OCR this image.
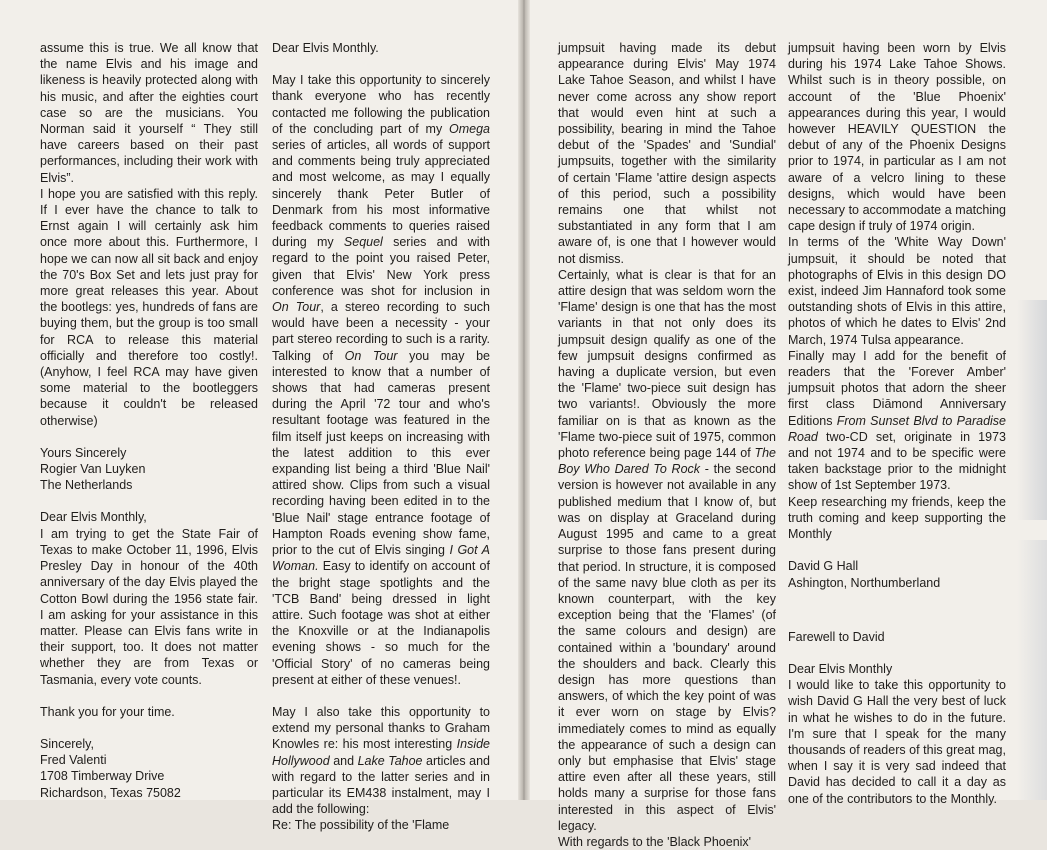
assume this is true. We all know that the name Elvis and his image and likeness is heavily protected along with his music, and after the eighties court case so are the musicians. You Norman said it yourself “ They still have careers based on their past performances, including their work with Elvis”.

I hope you are satisfied with this reply. If I ever have the chance to talk to Ernst again I will certainly ask him once more about this. Furthermore, I hope we can now all sit back and enjoy the 70's Box Set and lets just pray for more great releases this year. About the bootlegs: yes, hundreds of fans are buying them, but the group is too small for RCA to release this material officially and therefore too costly!. (Anyhow, I feel RCA may have given some material to the bootleggers because it couldn't be released otherwise)

Yours Sincerely
Rogier Van Luyken
The Netherlands

Dear Elvis Monthly,
I am trying to get the State Fair of Texas to make October 11, 1996, Elvis Presley Day in honour of the 40th anniversary of the day Elvis played the Cotton Bowl during the 1956 state fair. I am asking for your assistance in this matter. Please can Elvis fans write in their support, too. It does not matter whether they are from Texas or Tasmania, every vote counts.

Thank you for your time.

Sincerely,
Fred Valenti
1708 Timberway Drive
Richardson, Texas 75082

Dear Elvis Monthly.

May I take this opportunity to sincerely thank everyone who has recently contacted me following the publication of the concluding part of my Omega series of articles, all words of support and comments being truly appreciated and most welcome, as may I equally sincerely thank Peter Butler of Denmark from his most informative feedback comments to queries raised during my Sequel series and with regard to the point you raised Peter, given that Elvis' New York press conference was shot for inclusion in On Tour, a stereo recording to such would have been a necessity - your part stereo recording to such is a rarity. Talking of On Tour you may be interested to know that a number of shows that had cameras present during the April '72 tour and who's resultant footage was featured in the film itself just keeps on increasing with the latest addition to this ever expanding list being a third 'Blue Nail' attired show. Clips from such a visual recording having been edited in to the 'Blue Nail' stage entrance footage of Hampton Roads evening show fame, prior to the cut of Elvis singing I Got A Woman. Easy to identify on account of the bright stage spotlights and the 'TCB Band' being dressed in light attire. Such footage was shot at either the Knoxville or at the Indianapolis evening shows - so much for the 'Official Story' of no cameras being present at either of these venues!.

May I also take this opportunity to extend my personal thanks to Graham Knowles re: his most interesting Inside Hollywood and Lake Tahoe articles and with regard to the latter series and in particular its EM438 instalment, may I add the following:

Re: The possibility of the 'Flame

jumpsuit having made its debut appearance during Elvis' May 1974 Lake Tahoe Season, and whilst I have never come across any show report that would even hint at such a possibility, bearing in mind the Tahoe debut of the 'Spades' and 'Sundial' jumpsuits, together with the similarity of certain 'Flame 'attire design aspects of this period, such a possibility remains one that whilst not substantiated in any form that I am aware of, is one that I however would not dismiss.

Certainly, what is clear is that for an attire design that was seldom worn the 'Flame' design is one that has the most variants in that not only does its jumpsuit design qualify as one of the few jumpsuit designs confirmed as having a duplicate version, but even the 'Flame' two-piece suit design has two variants!. Obviously the more familiar on is that as known as the 'Flame two-piece suit of 1975, common photo reference being page 144 of The Boy Who Dared To Rock - the second version is however not available in any published medium that I know of, but was on display at Graceland during August 1995 and came to a great surprise to those fans present during that period. In structure, it is composed of the same navy blue cloth as per its known counterpart, with the key exception being that the 'Flames' (of the same colours and design) are contained within a 'boundary' around the shoulders and back. Clearly this design has more questions than answers, of which the key point of was it ever worn on stage by Elvis? immediately comes to mind as equally the appearance of such a design can only but emphasise that Elvis' stage attire even after all these years, still holds many a surprise for those fans interested in this aspect of Elvis' legacy.

With regards to the 'Black Phoenix'

jumpsuit having been worn by Elvis during his 1974 Lake Tahoe Shows. Whilst such is in theory possible, on account of the 'Blue Phoenix' appearances during this year, I would however HEAVILY QUESTION the debut of any of the Phoenix Designs prior to 1974, in particular as I am not aware of a velcro lining to these designs, which would have been necessary to accommodate a matching cape design if truly of 1974 origin.

In terms of the 'White Way Down' jumpsuit, it should be noted that photographs of Elvis in this design DO exist, indeed Jim Hannaford took some outstanding shots of Elvis in this attire, photos of which he dates to Elvis' 2nd March, 1974 Tulsa appearance.

Finally may I add for the benefit of readers that the 'Forever Amber' jumpsuit photos that adorn the sheer first class Diāmond Anniversary Editions From Sunset Blvd to Paradise Road two-CD set, originate in 1973 and not 1974 and to be specific were taken backstage prior to the midnight show of 1st September 1973.

Keep researching my friends, keep the truth coming and keep supporting the Monthly

David G Hall
Ashington, Northumberland

Farewell to David

Dear Elvis Monthly

I would like to take this opportunity to wish David G Hall the very best of luck in what he wishes to do in the future. I'm sure that I speak for the many thousands of readers of this great mag, when I say it is very sad indeed that David has decided to call it a day as one of the contributors to the Monthly.
